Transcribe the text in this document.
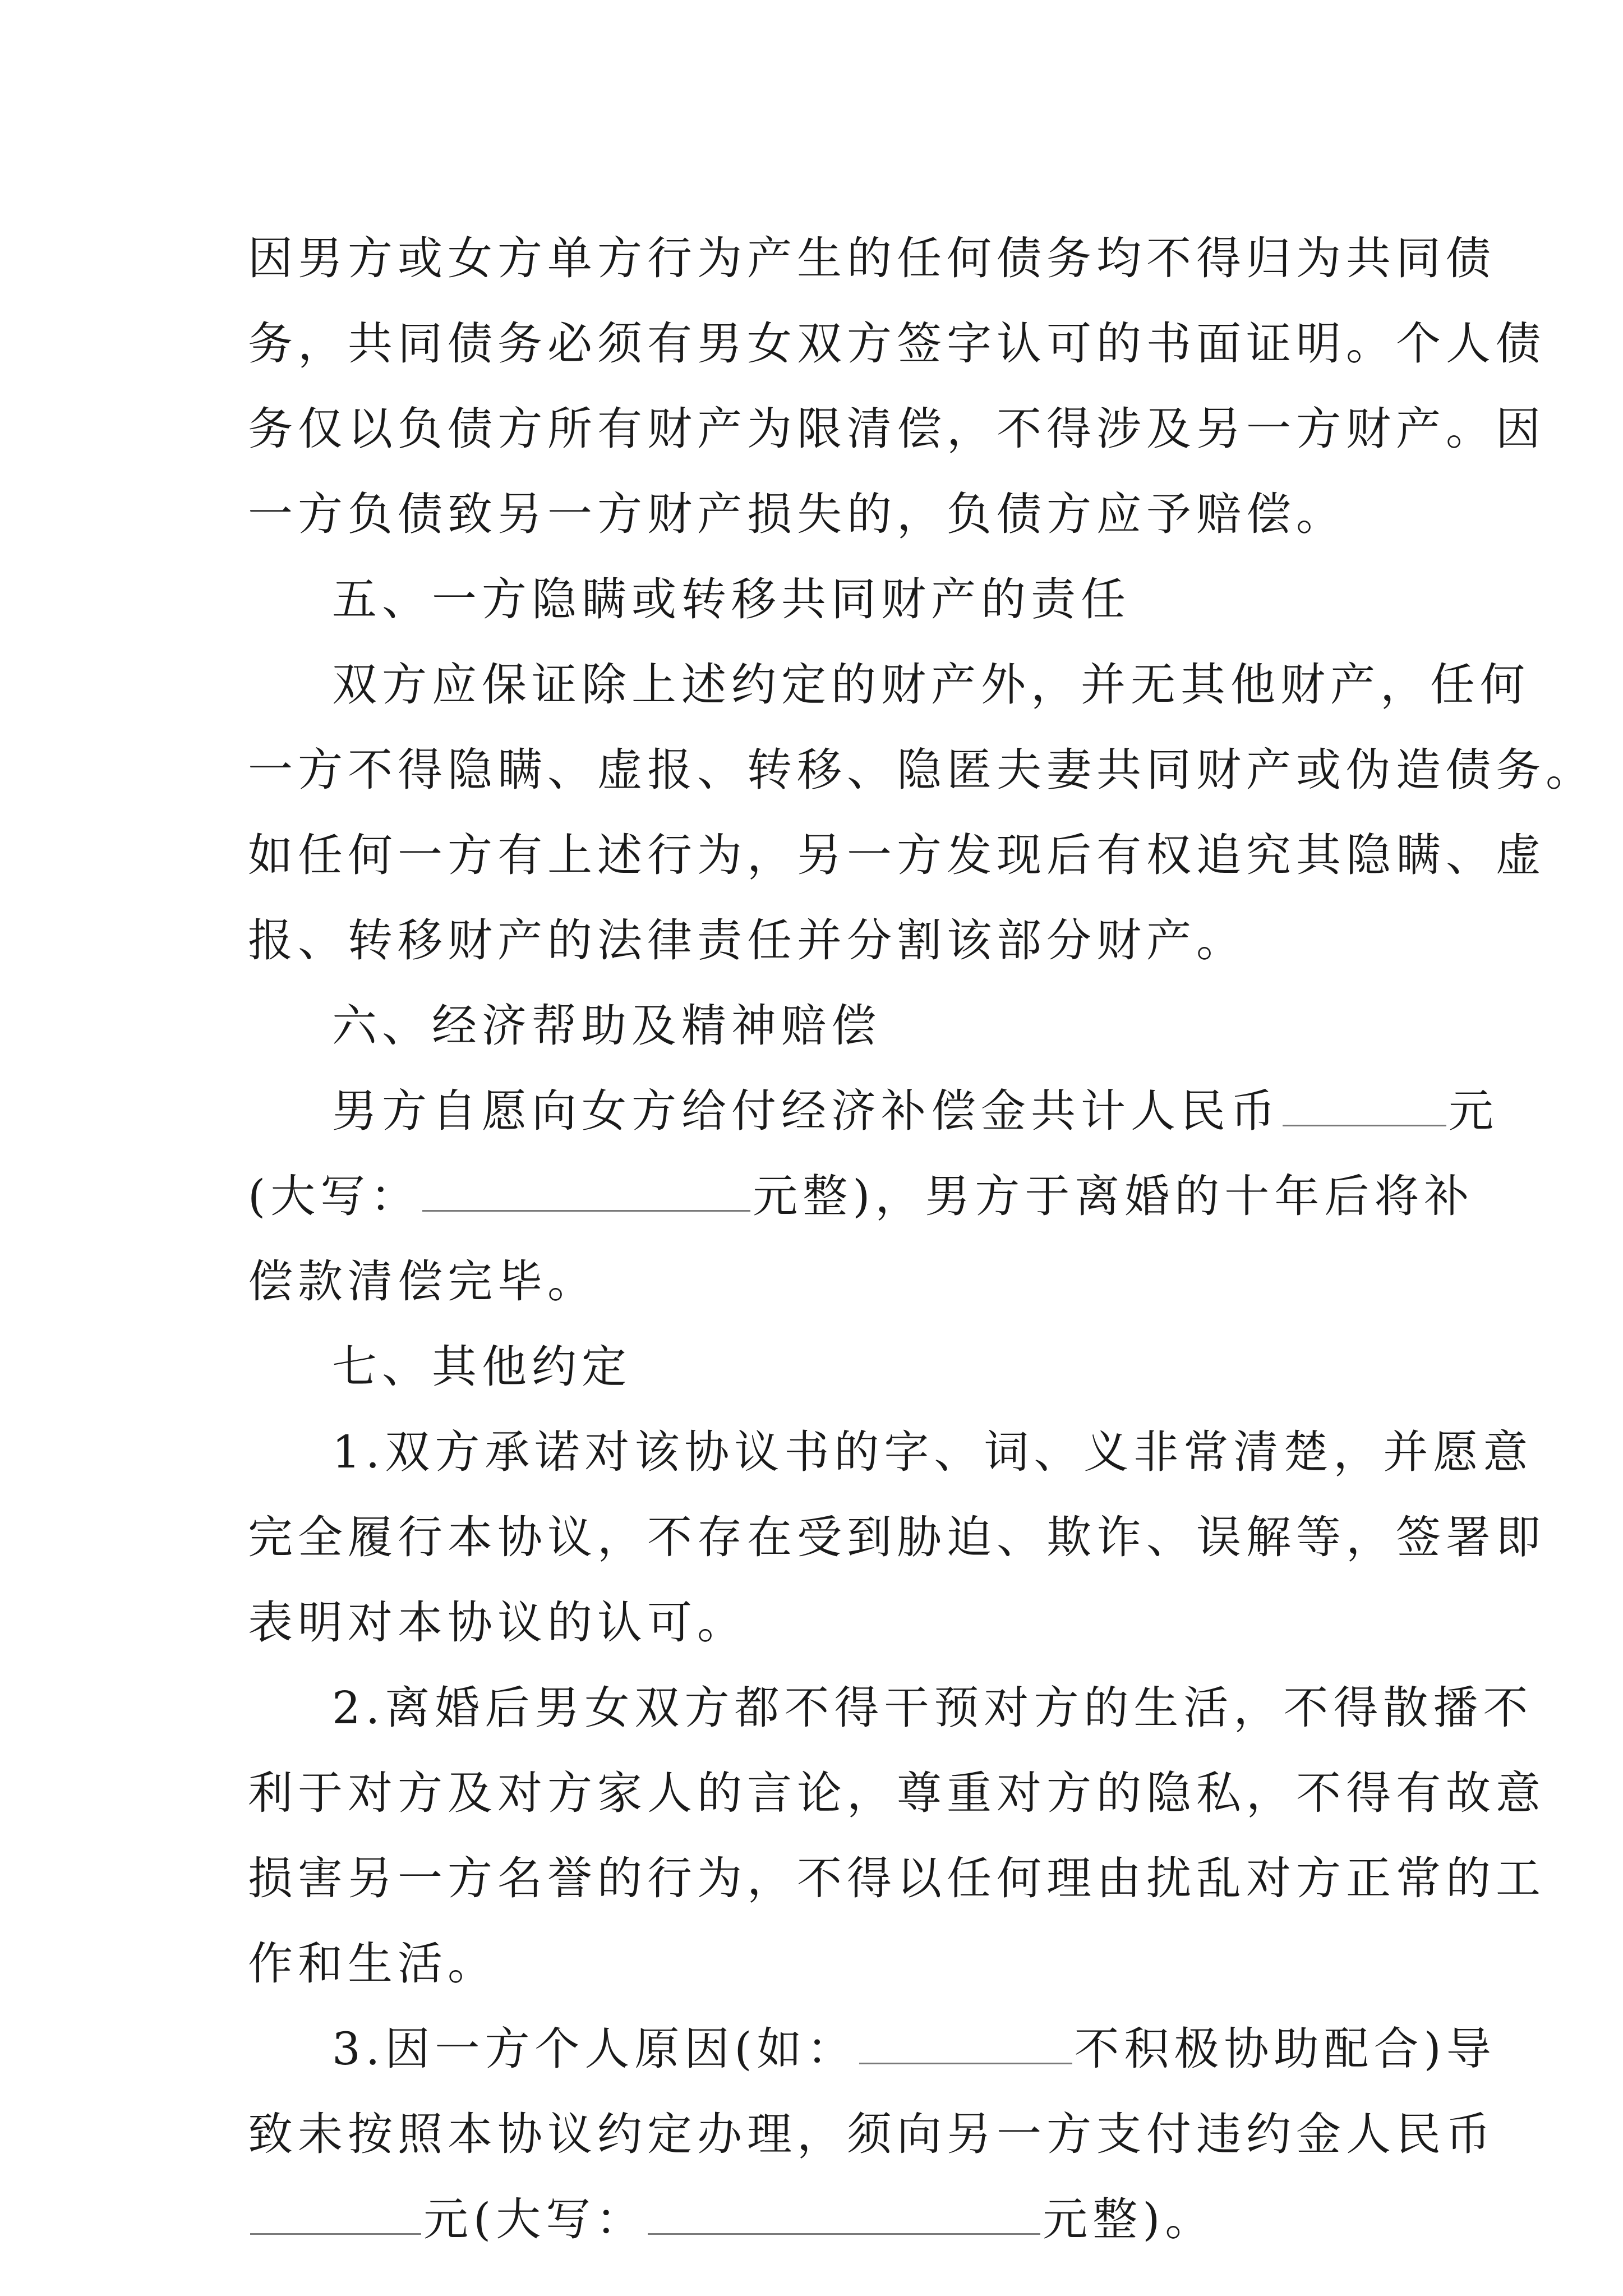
因男方或女方单方行为产生的任何债务均不得归为共同债
务，共同债务必须有男女双方签字认可的书面证明。个人债
务仅以负债方所有财产为限清偿，不得涉及另一方财产。因
一方负债致另一方财产损失的，负债方应予赔偿。
五、一方隐瞒或转移共同财产的责任
双方应保证除上述约定的财产外，并无其他财产，任何
一方不得隐瞒、虚报、转移、隐匿夫妻共同财产或伪造债务。
如任何一方有上述行为，另一方发现后有权追究其隐瞒、虚
报、转移财产的法律责任并分割该部分财产。
六、经济帮助及精神赔偿
男方自愿向女方给付经济补偿金共计人民币	元
(大写：	元整)，男方于离婚的十年后将补
偿款清偿完毕。
七、其他约定
1.双方承诺对该协议书的字、词、义非常清楚，并愿意
完全履行本协议，不存在受到胁迫、欺诈、误解等，签署即
表明对本协议的认可。
2.离婚后男女双方都不得干预对方的生活，不得散播不
利于对方及对方家人的言论，尊重对方的隐私，不得有故意
损害另一方名誉的行为，不得以任何理由扰乱对方正常的工
作和生活。
3.因一方个人原因(如：	不积极协助配合)导
致未按照本协议约定办理，须向另一方支付违约金人民币
元(大写：	元整)。
